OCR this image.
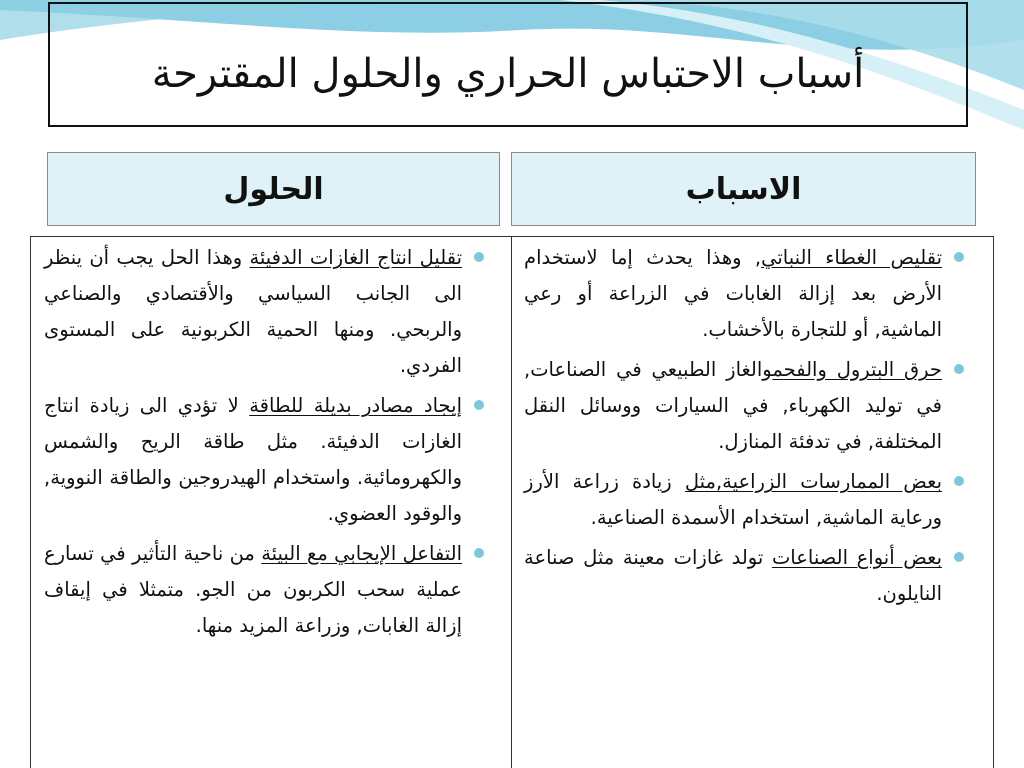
أسباب الاحتباس الحراري والحلول المقترحة
الاسباب
الحلول
تقليص الغطاء النباتي, وهذا يحدث إما لاستخدام الأرض بعد إزالة الغابات في الزراعة أو رعي الماشية, أو للتجارة بالأخشاب.
حرق البترول والفحموالغاز الطبيعي في الصناعات, في توليد الكهرباء, في السيارات ووسائل النقل المختلفة, في تدفئة المنازل.
بعض الممارسات الزراعية,مثل زيادة زراعة الأرز ورعاية الماشية, استخدام الأسمدة الصناعية.
بعض أنواع الصناعات تولد غازات معينة مثل صناعة النايلون.
تقليل انتاج الغازات الدفيئة وهذا الحل يجب أن ينظر الى الجانب السياسي والأقتصادي والصناعي والربحي. ومنها الحمية الكربونية على المستوى الفردي.
إيجاد مصادر بديلة للطاقة لا تؤدي الى زيادة انتاج الغازات الدفيئة. مثل طاقة الريح والشمس والكهرومائية. واستخدام الهيدروجين والطاقة النووية, والوقود العضوي.
التفاعل الإيجابي مع البيئة من ناحية التأثير في تسارع عملية سحب الكربون من الجو. متمثلا في إيقاف إزالة الغابات, وزراعة المزيد منها.
